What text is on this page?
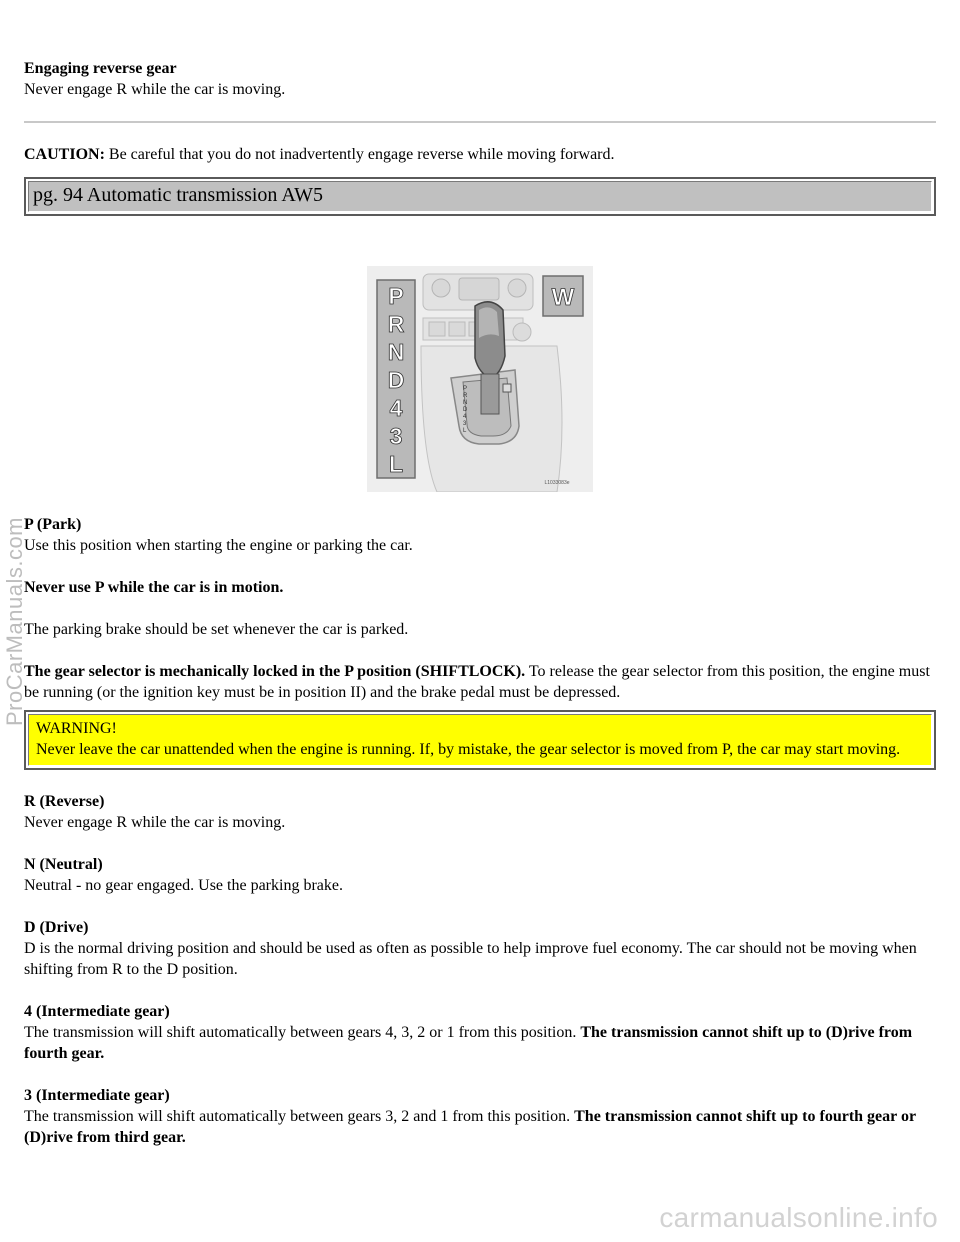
ProCarManuals.com

Engaging reverse gear

Never engage R while the car is moving.

CAUTION: Be careful that you do not inadvertently engage reverse while moving forward.

pg. 94 Automatic transmission AW5
P
R
N
D
4
3
L
P
R
N
D
4
3
L
W
L1033083e

P (Park)

Use this position when starting the engine or parking the car.

Never use P while the car is in motion.

The parking brake should be set whenever the car is parked.

The gear selector is mechanically locked in the P position (SHIFTLOCK). To release the gear selector from this position, the engine must be running (or the ignition key must be in position II) and the brake pedal must be depressed.

WARNING!

Never leave the car unattended when the engine is running. If, by mistake, the gear selector is moved from P, the car may start moving.

R (Reverse)

Never engage R while the car is moving.

N (Neutral)

Neutral - no gear engaged. Use the parking brake.

D (Drive)

D is the normal driving position and should be used as often as possible to help improve fuel economy. The car should not be moving when shifting from R to the D position.

4 (Intermediate gear)

The transmission will shift automatically between gears 4, 3, 2 or 1 from this position. The transmission cannot shift up to (D)rive from fourth gear.

3 (Intermediate gear)

The transmission will shift automatically between gears 3, 2 and 1 from this position. The transmission cannot shift up to fourth gear or (D)rive from third gear.

carmanualsonline.info
